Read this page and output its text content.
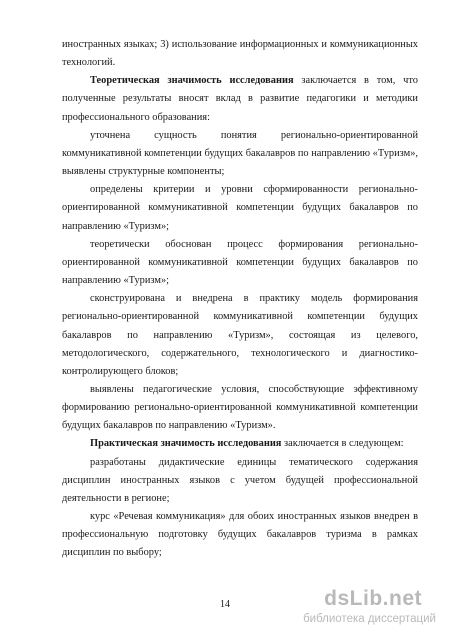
иностранных языках; 3) использование информационных и коммуникационных технологий.

Теоретическая значимость исследования заключается в том, что полученные результаты вносят вклад в развитие педагогики и методики профессионального образования:

уточнена сущность понятия регионально-ориентированной коммуникативной компетенции будущих бакалавров по направлению «Туризм», выявлены структурные компоненты;

определены критерии и уровни сформированности регионально-ориентированной коммуникативной компетенции будущих бакалавров по направлению «Туризм»;

теоретически обоснован процесс формирования регионально-ориентированной коммуникативной компетенции будущих бакалавров по направлению «Туризм»;

сконструирована и внедрена в практику модель формирования регионально-ориентированной коммуникативной компетенции будущих бакалавров по направлению «Туризм», состоящая из целевого, методологического, содержательного, технологического и диагностико-контролирующего блоков;

выявлены педагогические условия, способствующие эффективному формированию регионально-ориентированной коммуникативной компетенции будущих бакалавров по направлению «Туризм».

Практическая значимость исследования заключается в следующем:

разработаны дидактические единицы тематического содержания дисциплин иностранных языков с учетом будущей профессиональной деятельности в регионе;

курс «Речевая коммуникация» для обоих иностранных языков внедрен в профессиональную подготовку будущих бакалавров туризма в рамках дисциплин по выбору;

14	dsLib.net
библиотека диссертаций
